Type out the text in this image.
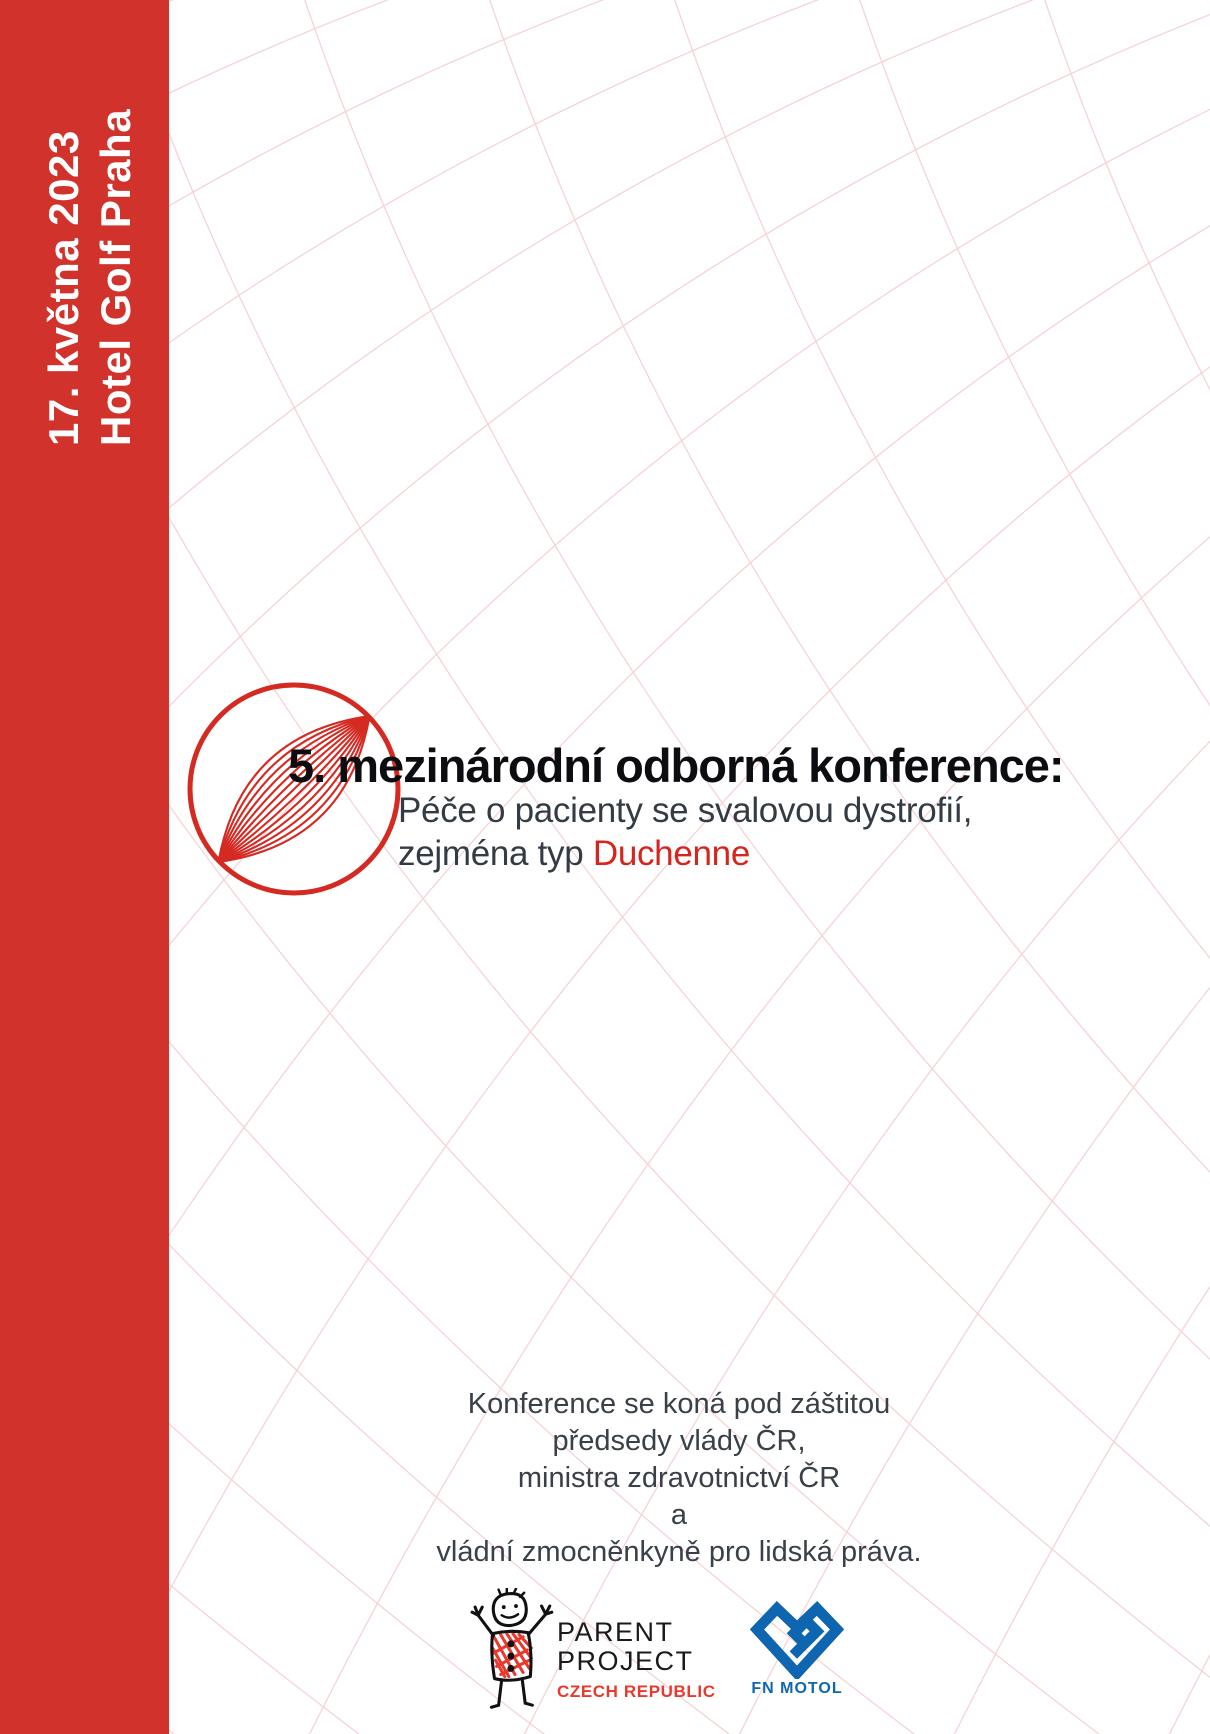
17. května 2023 Hotel Golf Praha
5. mezinárodní odborná konference:
Péče o pacienty se svalovou dystrofií,
zejména typ Duchenne
Konference se koná pod záštitou
předsedy vlády ČR,
ministra zdravotnictví ČR
a
vládní zmocněnkyně pro lidská práva.
PARENT
PROJECT
CZECH REPUBLIC	FN MOTOL
